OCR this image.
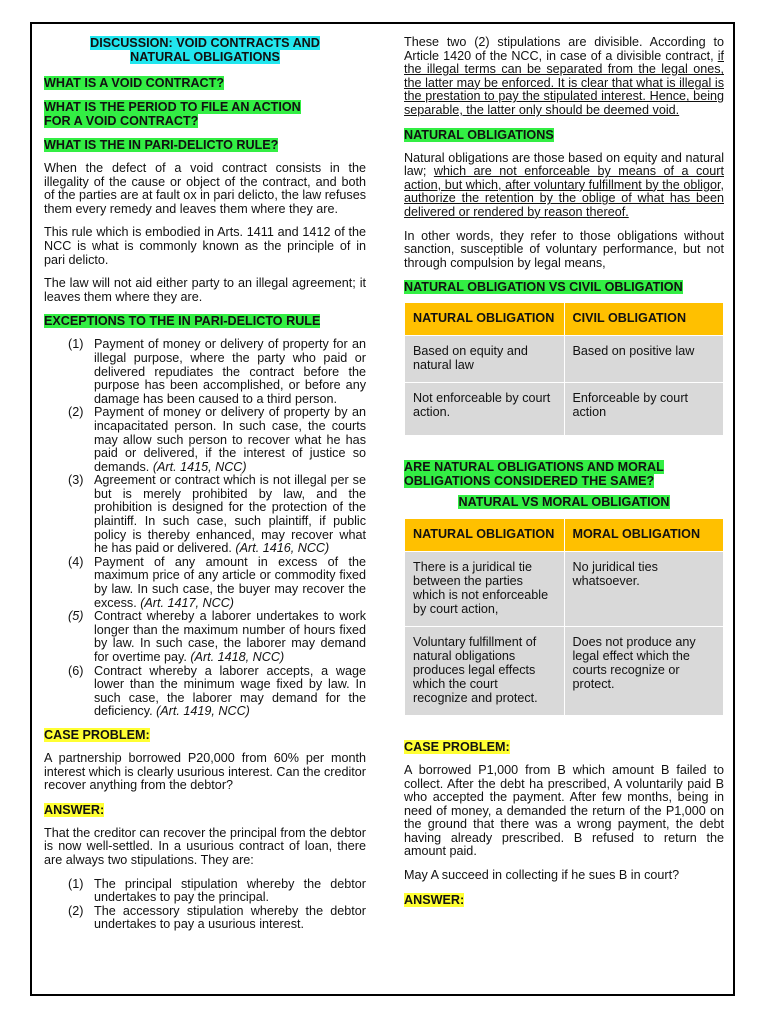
DISCUSSION: VOID CONTRACTS AND
NATURAL OBLIGATIONS
WHAT IS A VOID CONTRACT?
WHAT IS THE PERIOD TO FILE AN ACTION
FOR A VOID CONTRACT?
WHAT IS THE IN PARI-DELICTO RULE?

When the defect of a void contract consists in the illegality of the cause or object of the contract, and both of the parties are at fault ox in pari delicto, the law refuses them every remedy and leaves them where they are.

This rule which is embodied in Arts. 1411 and 1412 of the NCC is what is commonly known as the principle of in pari delicto.

The law will not aid either party to an illegal agreement; it leaves them where they are.

EXCEPTIONS TO THE IN PARI-DELICTO RULE
(1) Payment of money or delivery of property for an illegal purpose, where the party who paid or delivered repudiates the contract before the purpose has been accomplished, or before any damage has been caused to a third person.
(2) Payment of money or delivery of property by an incapacitated person. In such case, the courts may allow such person to recover what he has paid or delivered, if the interest of justice so demands. (Art. 1415, NCC)
(3) Agreement or contract which is not illegal per se but is merely prohibited by law, and the prohibition is designed for the protection of the plaintiff. In such case, such plaintiff, if public policy is thereby enhanced, may recover what he has paid or delivered. (Art. 1416, NCC)
(4) Payment of any amount in excess of the maximum price of any article or commodity fixed by law. In such case, the buyer may recover the excess. (Art. 1417, NCC)
(5) Contract whereby a laborer undertakes to work longer than the maximum number of hours fixed by law. In such case, the laborer may demand for overtime pay. (Art. 1418, NCC)
(6) Contract whereby a laborer accepts, a wage lower than the minimum wage fixed by law. In such case, the laborer may demand for the deficiency. (Art. 1419, NCC)
CASE PROBLEM:

A partnership borrowed P20,000 from 60% per month interest which is clearly usurious interest. Can the creditor recover anything from the debtor?

ANSWER:

That the creditor can recover the principal from the debtor is now well-settled. In a usurious contract of loan, there are always two stipulations. They are:

(1) The principal stipulation whereby the debtor undertakes to pay the principal.
(2) The accessory stipulation whereby the debtor undertakes to pay a usurious interest.

These two (2) stipulations are divisible. According to Article 1420 of the NCC, in case of a divisible contract, if the illegal terms can be separated from the legal ones, the latter may be enforced. It is clear that what is illegal is the prestation to pay the stipulated interest. Hence, being separable, the latter only should be deemed void.

NATURAL OBLIGATIONS

Natural obligations are those based on equity and natural law; which are not enforceable by means of a court action, but which, after voluntary fulfillment by the obligor, authorize the retention by the oblige of what has been delivered or rendered by reason thereof.

In other words, they refer to those obligations without sanction, susceptible of voluntary performance, but not through compulsion by legal means,

NATURAL OBLIGATION VS CIVIL OBLIGATION
NATURAL OBLIGATION	CIVIL OBLIGATION
Based on equity and natural law	Based on positive law
Not enforceable by court action.	Enforceable by court action
ARE NATURAL OBLIGATIONS AND MORAL
OBLIGATIONS CONSIDERED THE SAME?
NATURAL VS MORAL OBLIGATION
NATURAL OBLIGATION	MORAL OBLIGATION
There is a juridical tie between the parties which is not enforceable by court action,	No juridical ties whatsoever.
Voluntary fulfillment of natural obligations produces legal effects which the court recognize and protect.	Does not produce any legal effect which the courts recognize or protect.
CASE PROBLEM:

A borrowed P1,000 from B which amount B failed to collect. After the debt ha prescribed, A voluntarily paid B who accepted the payment. After few months, being in need of money, a demanded the return of the P1,000 on the ground that there was a wrong payment, the debt having already prescribed. B refused to return the amount paid.

May A succeed in collecting if he sues B in court?

ANSWER:
